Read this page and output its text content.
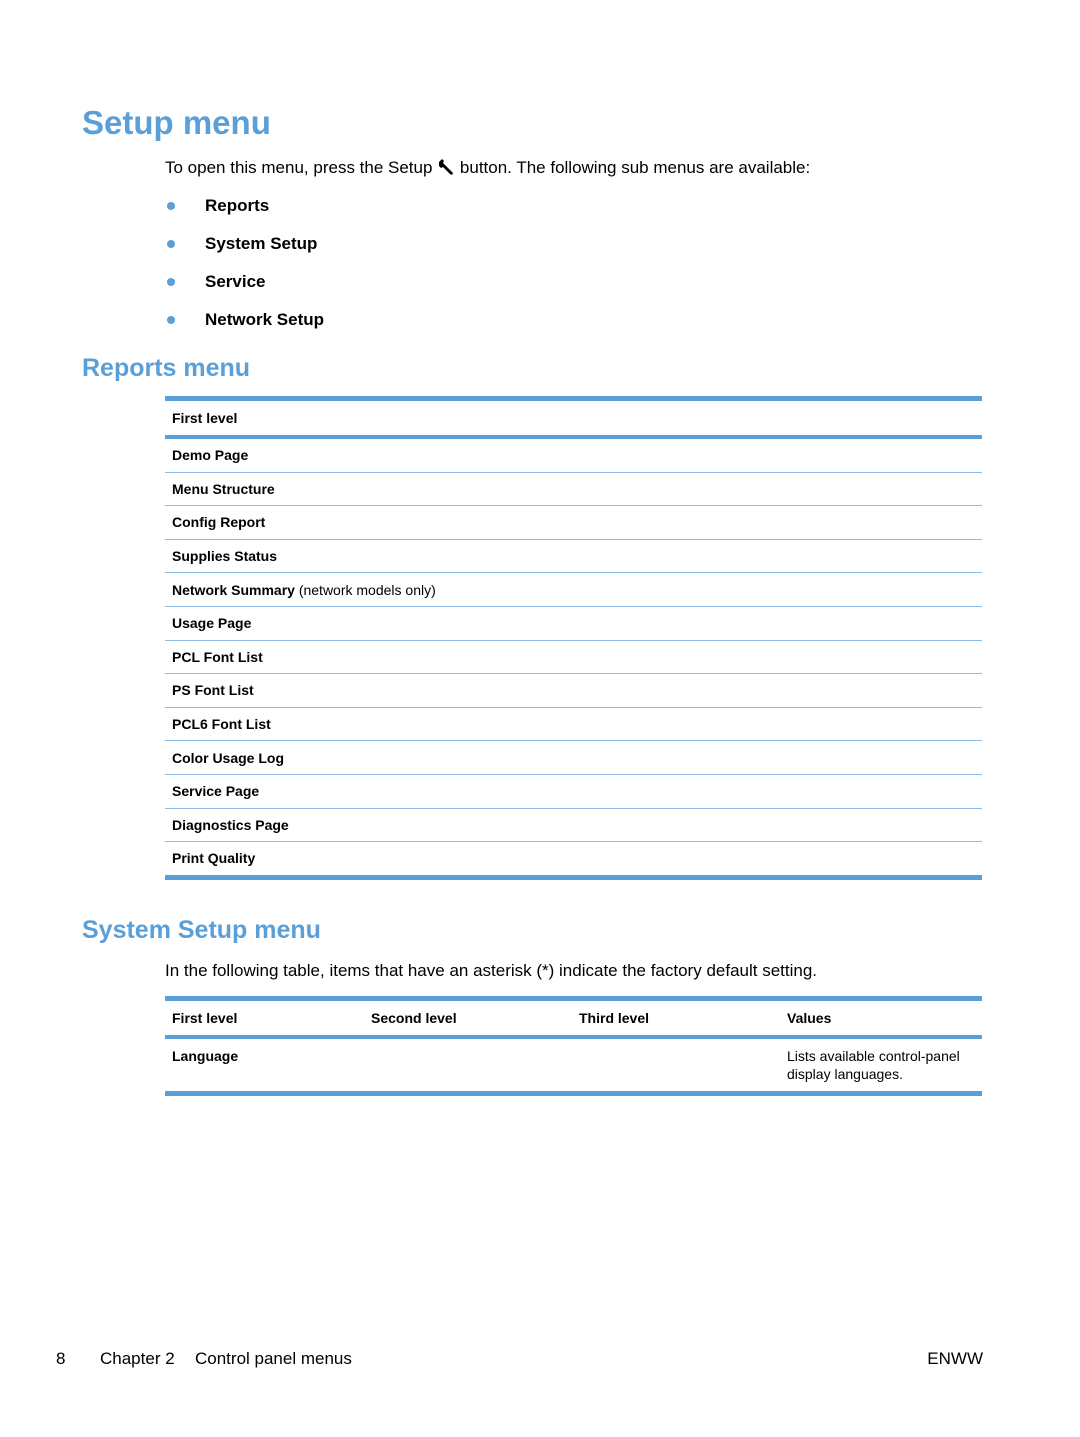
Setup menu
To open this menu, press the Setup button. The following sub menus are available:
Reports
System Setup
Service
Network Setup
Reports menu
First level
Demo Page
Menu Structure
Config Report
Supplies Status
Network Summary (network models only)
Usage Page
PCL Font List
PS Font List
PCL6 Font List
Color Usage Log
Service Page
Diagnostics Page
Print Quality
System Setup menu
In the following table, items that have an asterisk (*) indicate the factory default setting.
First level	Second level	Third level	Values
Language			Lists available control-panel display languages.
8 Chapter 2 Control panel menus	ENWW
